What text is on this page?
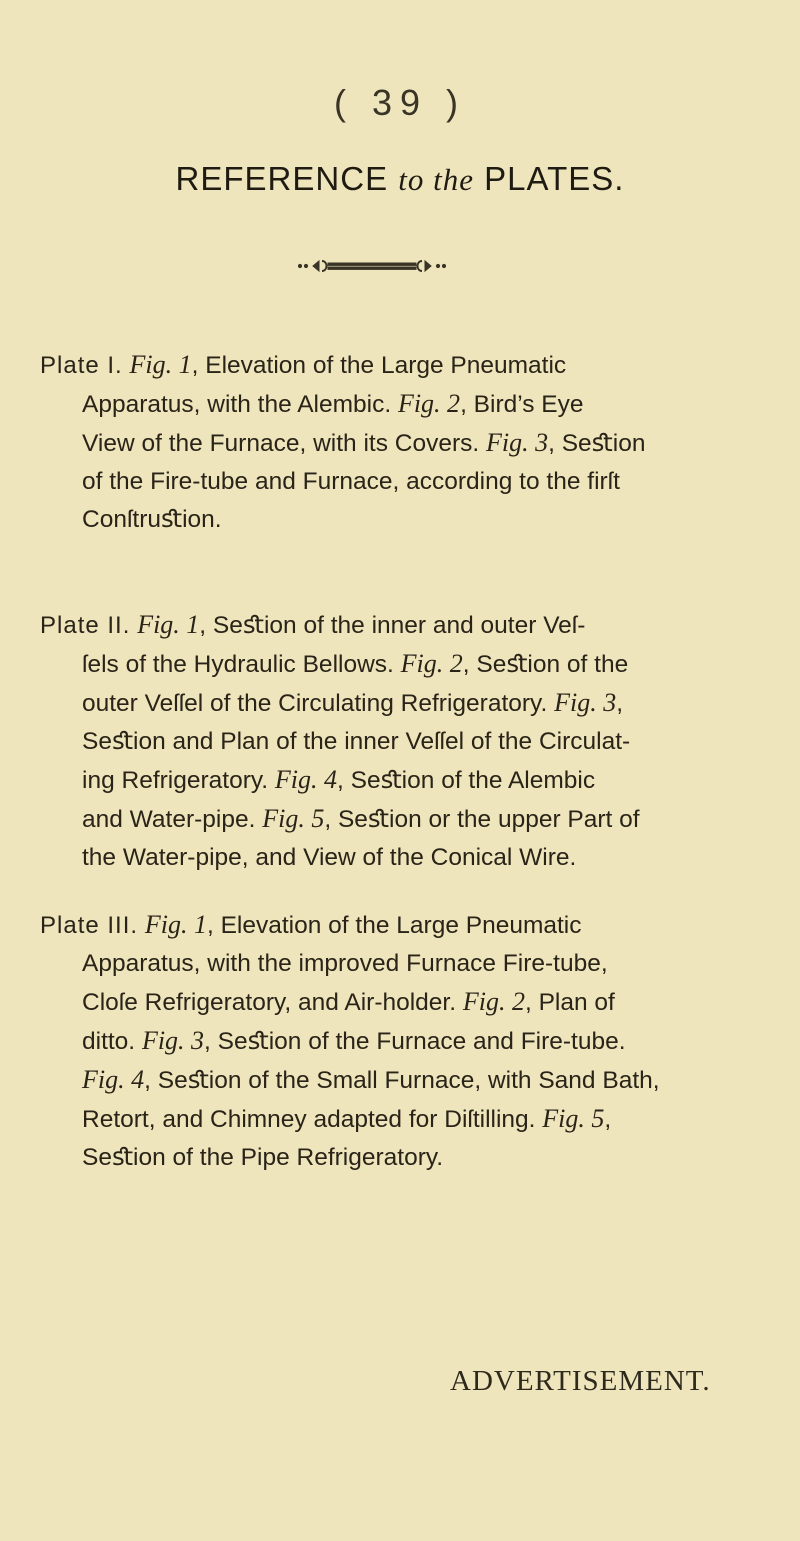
( 39 )
REFERENCE to the PLATES.
Plate I. Fig. 1, Elevation of the Large Pneumatic
Apparatus, with the Alembic. Fig. 2, Bird’s Eye
View of the Furnace, with its Covers. Fig. 3, Seﬆion
of the Fire-tube and Furnace, according to the firſt
Conſtruﬆion.
Plate II. Fig. 1, Seﬆion of the inner and outer Veſ-
ſels of the Hydraulic Bellows. Fig. 2, Seﬆion of the
outer Veſſel of the Circulating Refrigeratory. Fig. 3,
Seﬆion and Plan of the inner Veſſel of the Circulat-
ing Refrigeratory. Fig. 4, Seﬆion of the Alembic
and Water-pipe. Fig. 5, Seﬆion or the upper Part of
the Water-pipe, and View of the Conical Wire.
Plate III. Fig. 1, Elevation of the Large Pneumatic
Apparatus, with the improved Furnace Fire-tube,
Cloſe Refrigeratory, and Air-holder. Fig. 2, Plan of
ditto. Fig. 3, Seﬆion of the Furnace and Fire-tube.
Fig. 4, Seﬆion of the Small Furnace, with Sand Bath,
Retort, and Chimney adapted for Diſtilling. Fig. 5,
Seﬆion of the Pipe Refrigeratory.
ADVERTISEMENT.
